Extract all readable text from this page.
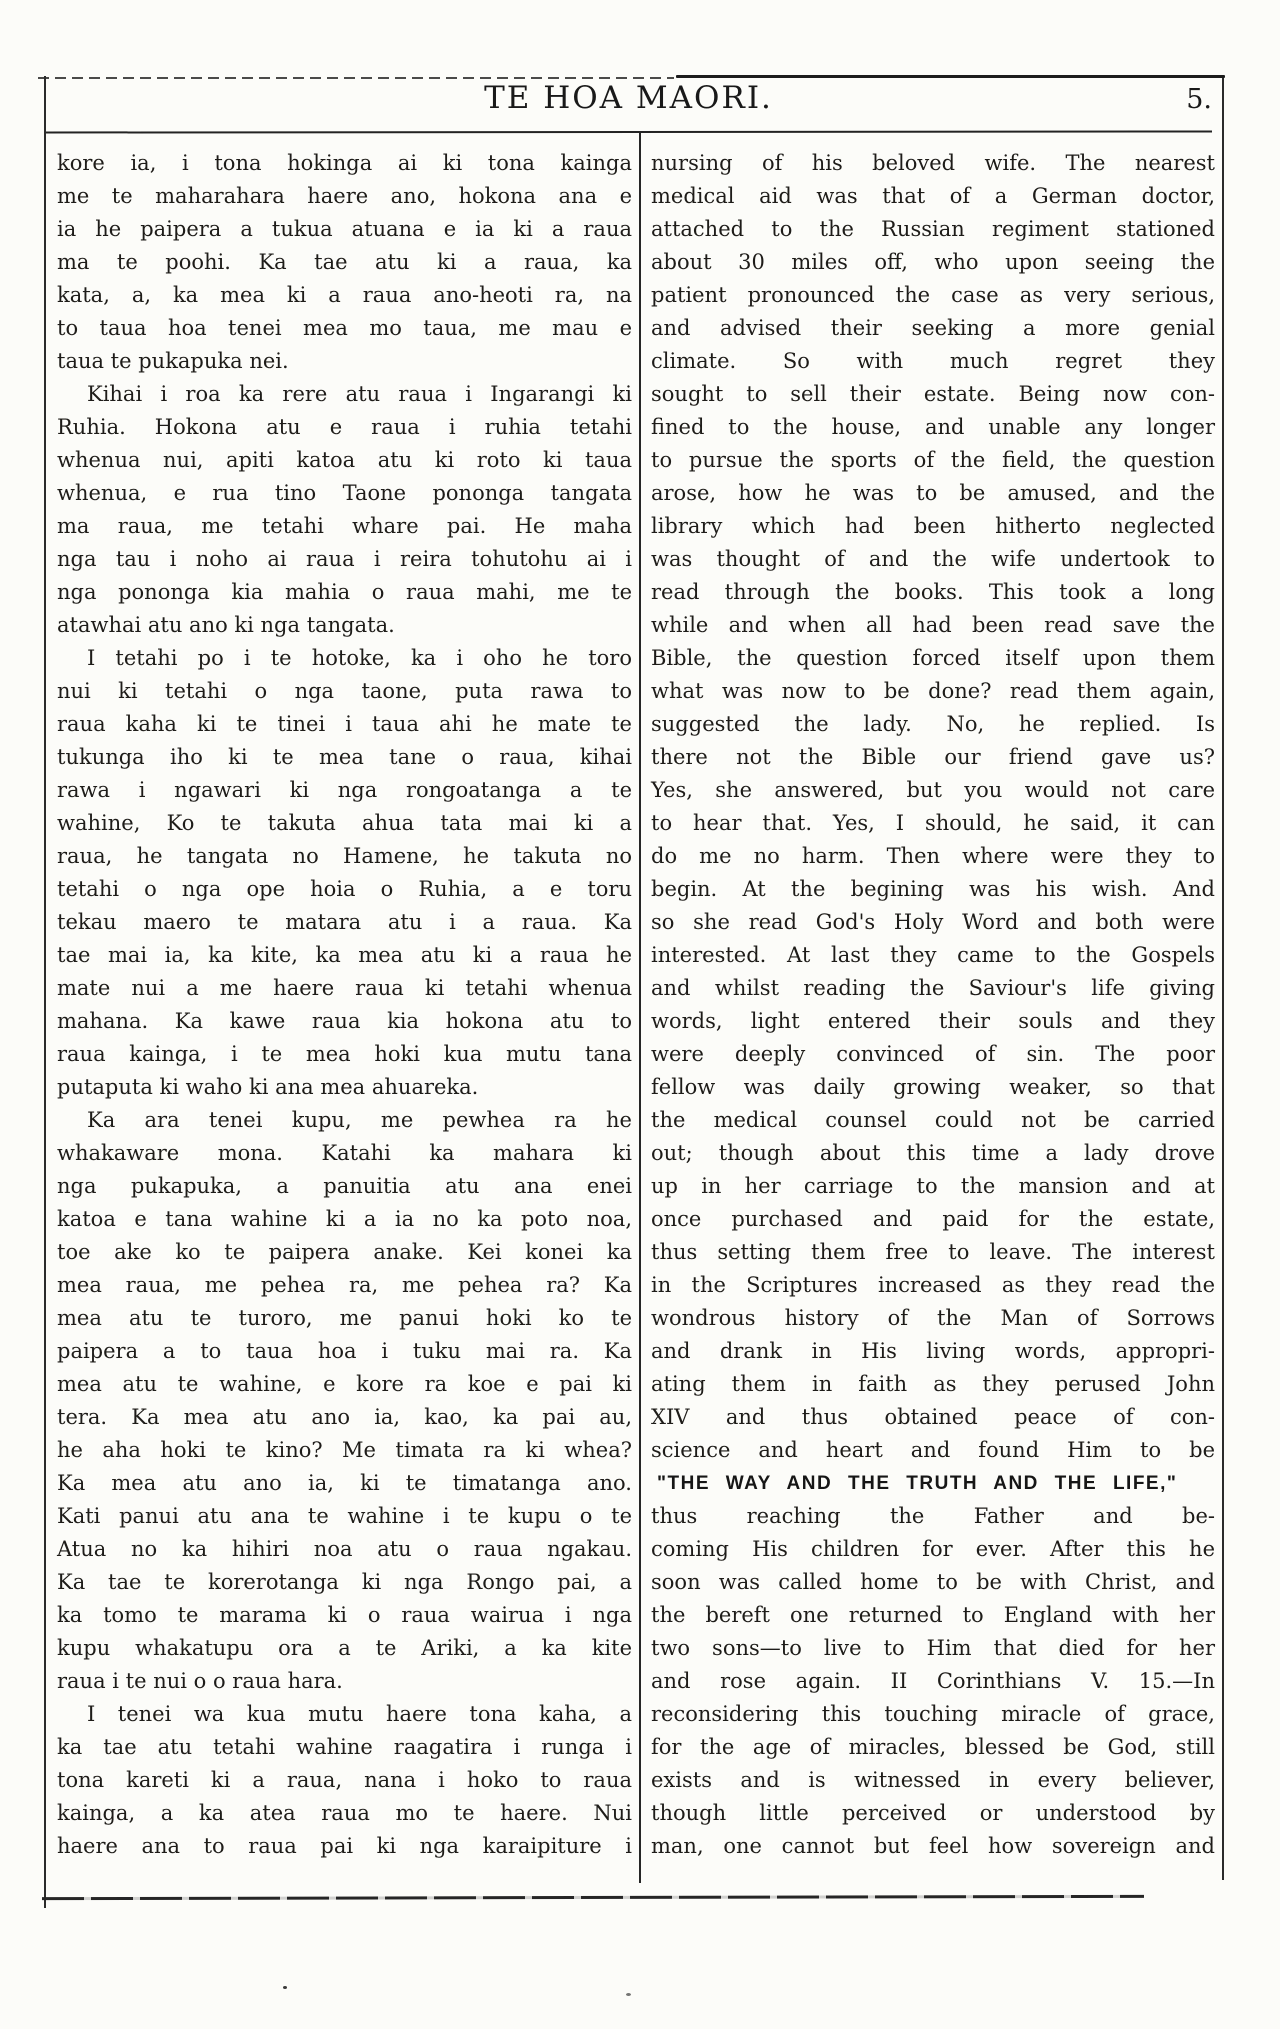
TE HOA MAORI.	5.
kore ia, i tona hokinga ai ki tona kainga
me te maharahara haere ano, hokona ana e
ia he paipera a tukua atuana e ia ki a raua
ma te poohi. Ka tae atu ki a raua, ka
kata, a, ka mea ki a raua ano-heoti ra, na
to taua hoa tenei mea mo taua, me mau e
taua te pukapuka nei.
Kihai i roa ka rere atu raua i Ingarangi ki
Ruhia. Hokona atu e raua i ruhia tetahi
whenua nui, apiti katoa atu ki roto ki taua
whenua, e rua tino Taone pononga tangata
ma raua, me tetahi whare pai. He maha
nga tau i noho ai raua i reira tohutohu ai i
nga pononga kia mahia o raua mahi, me te
atawhai atu ano ki nga tangata.
I tetahi po i te hotoke, ka i oho he toro
nui ki tetahi o nga taone, puta rawa to
raua kaha ki te tinei i taua ahi he mate te
tukunga iho ki te mea tane o raua, kihai
rawa i ngawari ki nga rongoatanga a te
wahine, Ko te takuta ahua tata mai ki a
raua, he tangata no Hamene, he takuta no
tetahi o nga ope hoia o Ruhia, a e toru
tekau maero te matara atu i a raua. Ka
tae mai ia, ka kite, ka mea atu ki a raua he
mate nui a me haere raua ki tetahi whenua
mahana. Ka kawe raua kia hokona atu to
raua kainga, i te mea hoki kua mutu tana
putaputa ki waho ki ana mea ahuareka.
Ka ara tenei kupu, me pewhea ra he
whakaware mona. Katahi ka mahara ki
nga pukapuka, a panuitia atu ana enei
katoa e tana wahine ki a ia no ka poto noa,
toe ake ko te paipera anake. Kei konei ka
mea raua, me pehea ra, me pehea ra? Ka
mea atu te turoro, me panui hoki ko te
paipera a to taua hoa i tuku mai ra. Ka
mea atu te wahine, e kore ra koe e pai ki
tera. Ka mea atu ano ia, kao, ka pai au,
he aha hoki te kino? Me timata ra ki whea?
Ka mea atu ano ia, ki te timatanga ano.
Kati panui atu ana te wahine i te kupu o te
Atua no ka hihiri noa atu o raua ngakau.
Ka tae te korerotanga ki nga Rongo pai, a
ka tomo te marama ki o raua wairua i nga
kupu whakatupu ora a te Ariki, a ka kite
raua i te nui o o raua hara.
I tenei wa kua mutu haere tona kaha, a
ka tae atu tetahi wahine raagatira i runga i
tona kareti ki a raua, nana i hoko to raua
kainga, a ka atea raua mo te haere. Nui
haere ana to raua pai ki nga karaipiture i
nursing of his beloved wife. The nearest
medical aid was that of a German doctor,
attached to the Russian regiment stationed
about 30 miles off, who upon seeing the
patient pronounced the case as very serious,
and advised their seeking a more genial
climate. So with much regret they
sought to sell their estate. Being now con-
fined to the house, and unable any longer
to pursue the sports of the field, the question
arose, how he was to be amused, and the
library which had been hitherto neglected
was thought of and the wife undertook to
read through the books. This took a long
while and when all had been read save the
Bible, the question forced itself upon them
what was now to be done? read them again,
suggested the lady. No, he replied. Is
there not the Bible our friend gave us?
Yes, she answered, but you would not care
to hear that. Yes, I should, he said, it can
do me no harm. Then where were they to
begin. At the begining was his wish. And
so she read God's Holy Word and both were
interested. At last they came to the Gospels
and whilst reading the Saviour's life giving
words, light entered their souls and they
were deeply convinced of sin. The poor
fellow was daily growing weaker, so that
the medical counsel could not be carried
out; though about this time a lady drove
up in her carriage to the mansion and at
once purchased and paid for the estate,
thus setting them free to leave. The interest
in the Scriptures increased as they read the
wondrous history of the Man of Sorrows
and drank in His living words, appropri-
ating them in faith as they perused John
XIV and thus obtained peace of con-
science and heart and found Him to be
"THE WAY AND THE TRUTH AND THE LIFE,"
thus reaching the Father and be-
coming His children for ever. After this he
soon was called home to be with Christ, and
the bereft one returned to England with her
two sons—to live to Him that died for her
and rose again. II Corinthians V. 15.—In
reconsidering this touching miracle of grace,
for the age of miracles, blessed be God, still
exists and is witnessed in every believer,
though little perceived or understood by
man, one cannot but feel how sovereign and
